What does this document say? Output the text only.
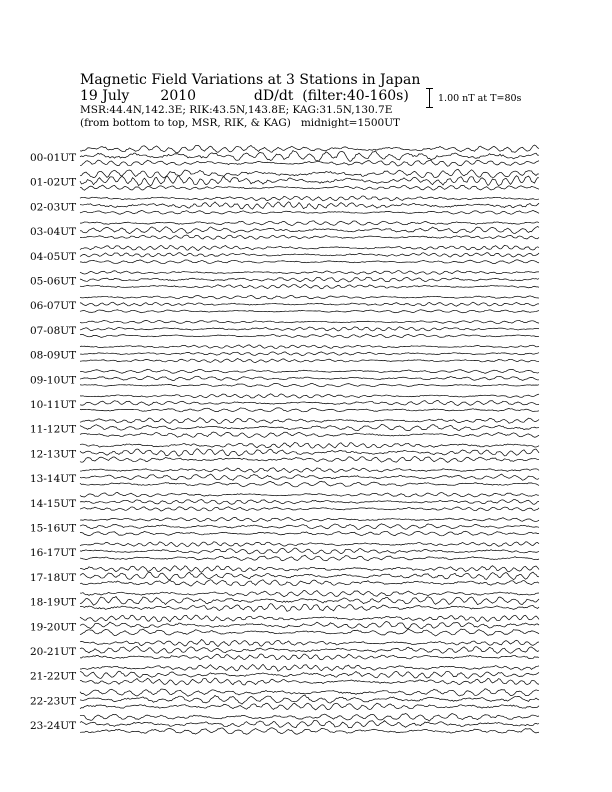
Magnetic Field Variations at 3 Stations in Japan
19 July       2010             dD/dt  (filter:40-160s)
MSR:44.4N,142.3E; RIK:43.5N,143.8E; KAG:31.5N,130.7E
(from bottom to top, MSR, RIK, & KAG)   midnight=1500UT
1.00 nT at T=80s
00-01UT
01-02UT
02-03UT
03-04UT
04-05UT
05-06UT
06-07UT
07-08UT
08-09UT
09-10UT
10-11UT
11-12UT
12-13UT
13-14UT
14-15UT
15-16UT
16-17UT
17-18UT
18-19UT
19-20UT
20-21UT
21-22UT
22-23UT
23-24UT
